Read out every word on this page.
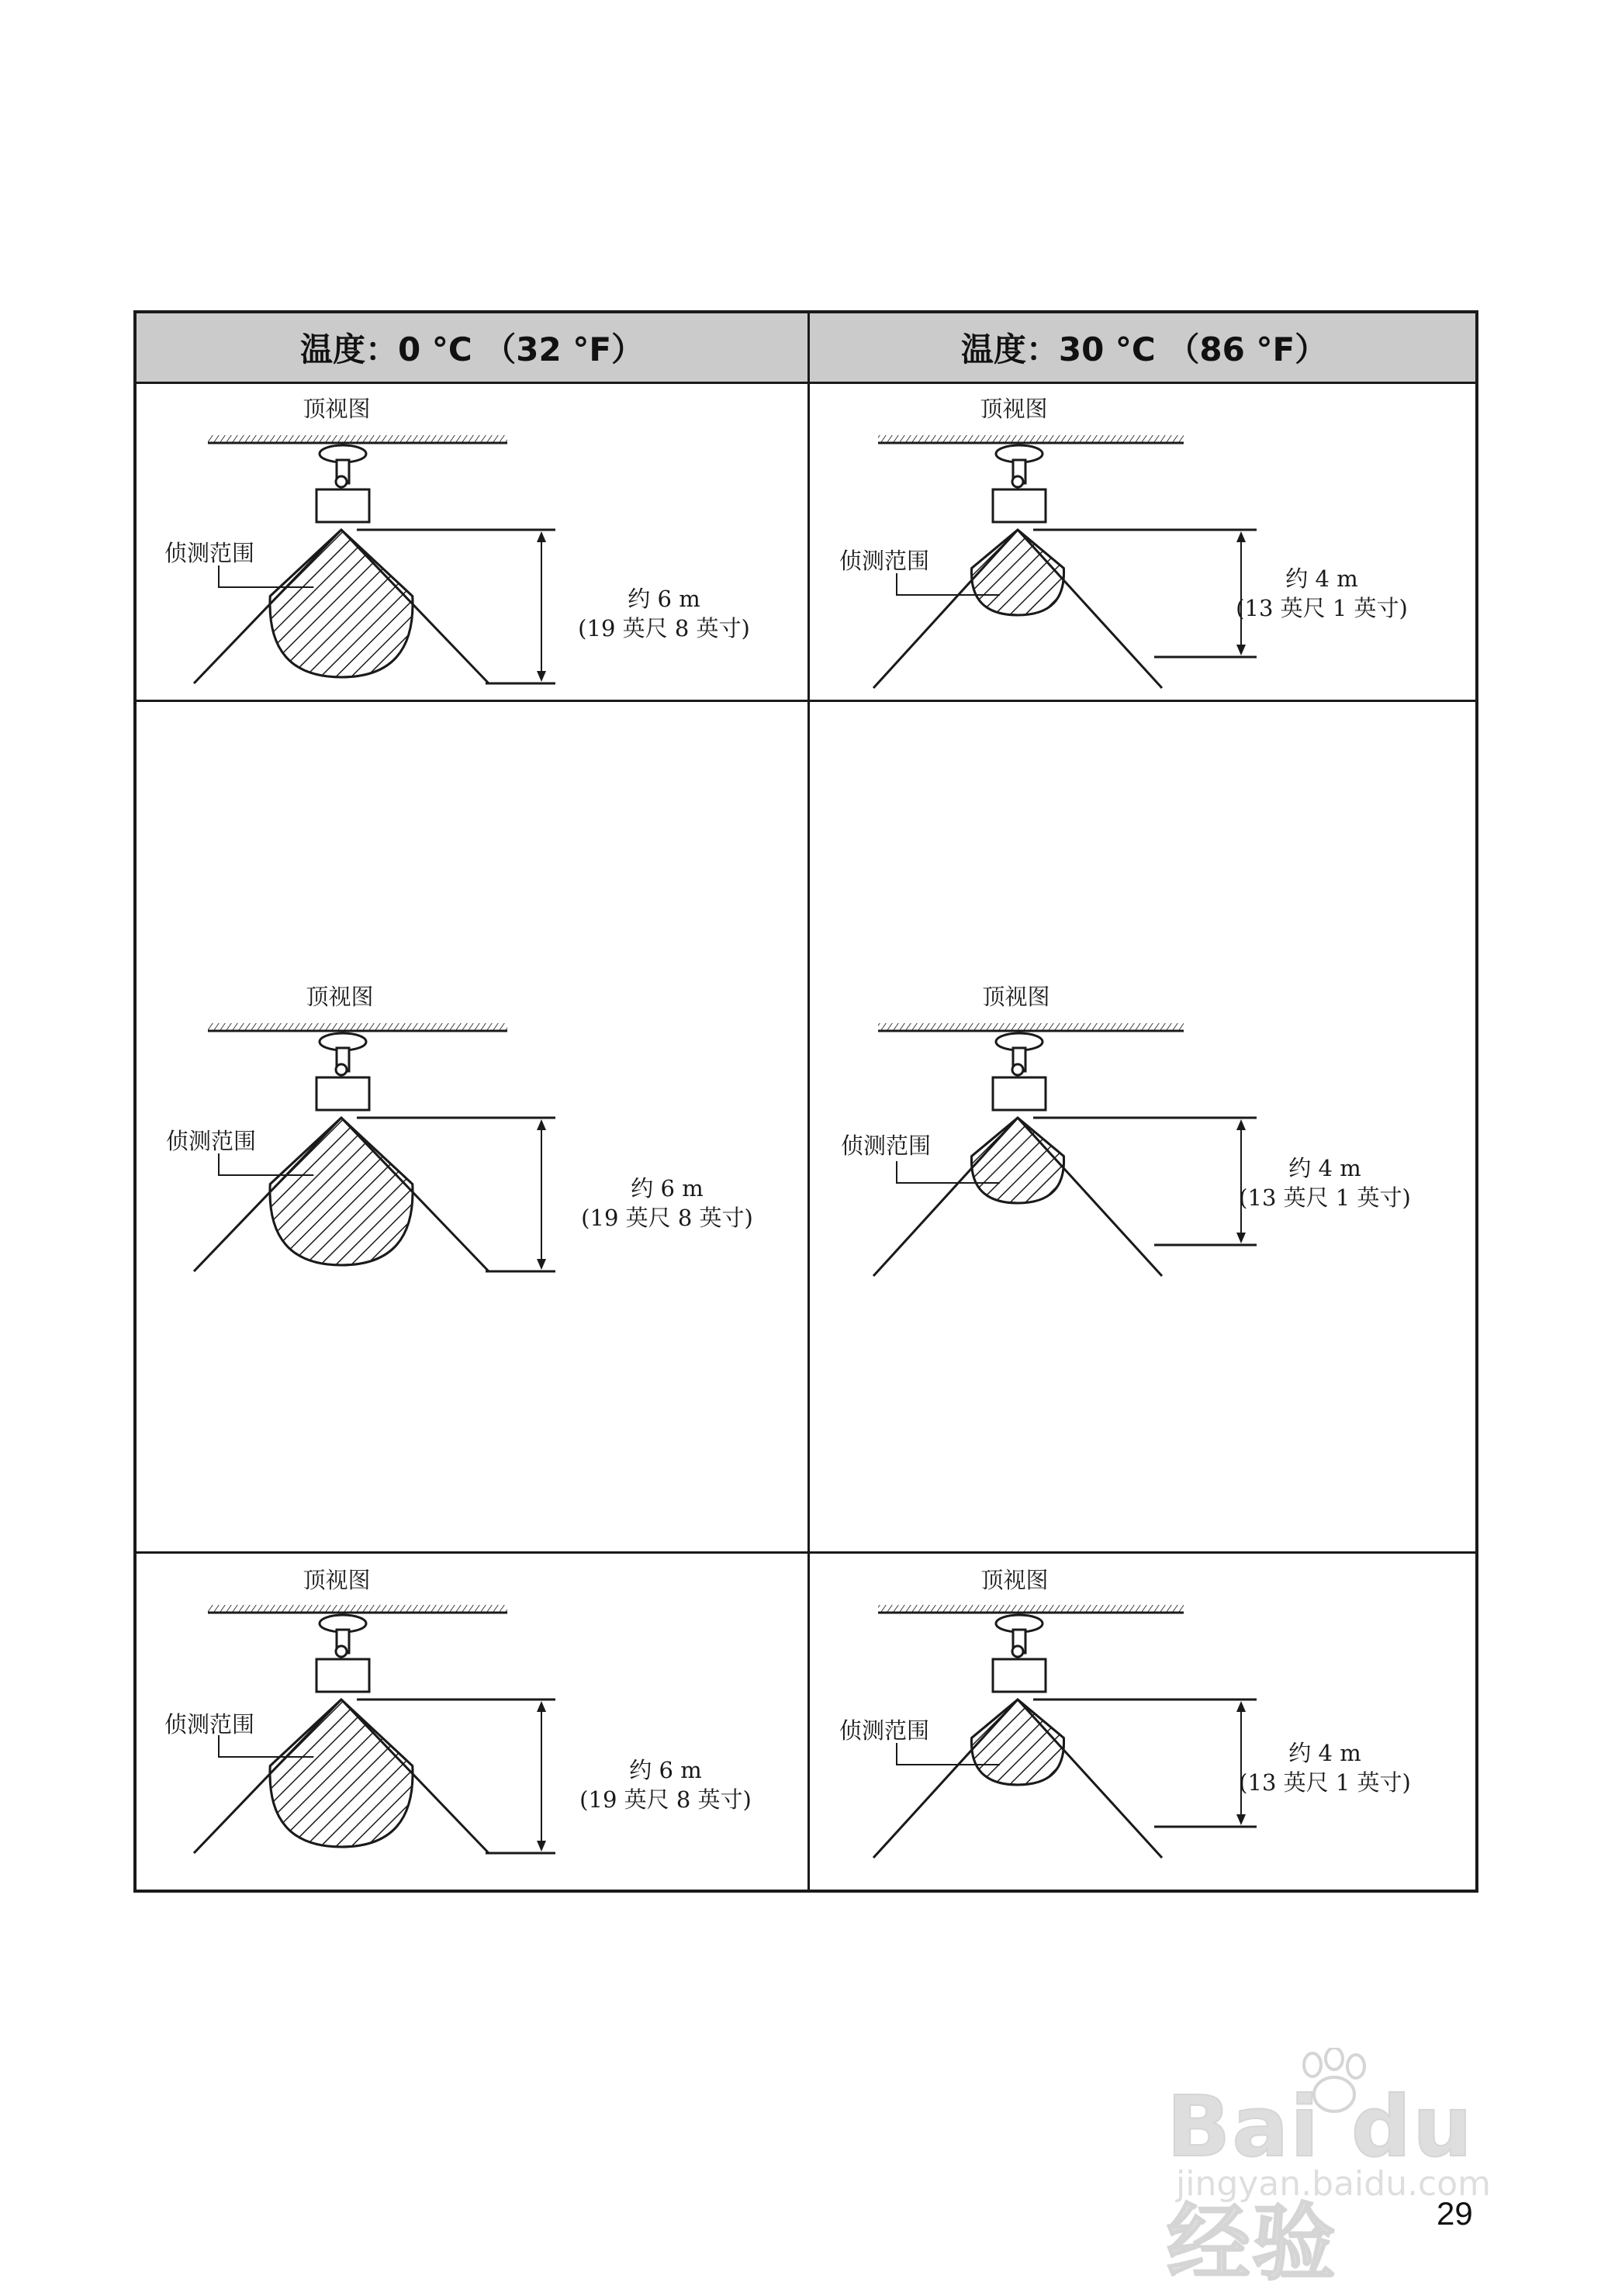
温度：0 °C （32 °F）	温度：30 °C （86 °F）
顶视图
侦测范围
约 6 m
(19 英尺 8 英寸)
顶视图
侦测范围
约 4 m
(13 英尺 1 英寸)
顶视图
侦测范围
约 6 m
(19 英尺 8 英寸)
顶视图
侦测范围
约 4 m
(13 英尺 1 英寸)
顶视图
侦测范围
约 6 m
(19 英尺 8 英寸)
顶视图
侦测范围
约 4 m
(13 英尺 1 英寸)
Bai du 经验
jingyan.baidu.com
29
